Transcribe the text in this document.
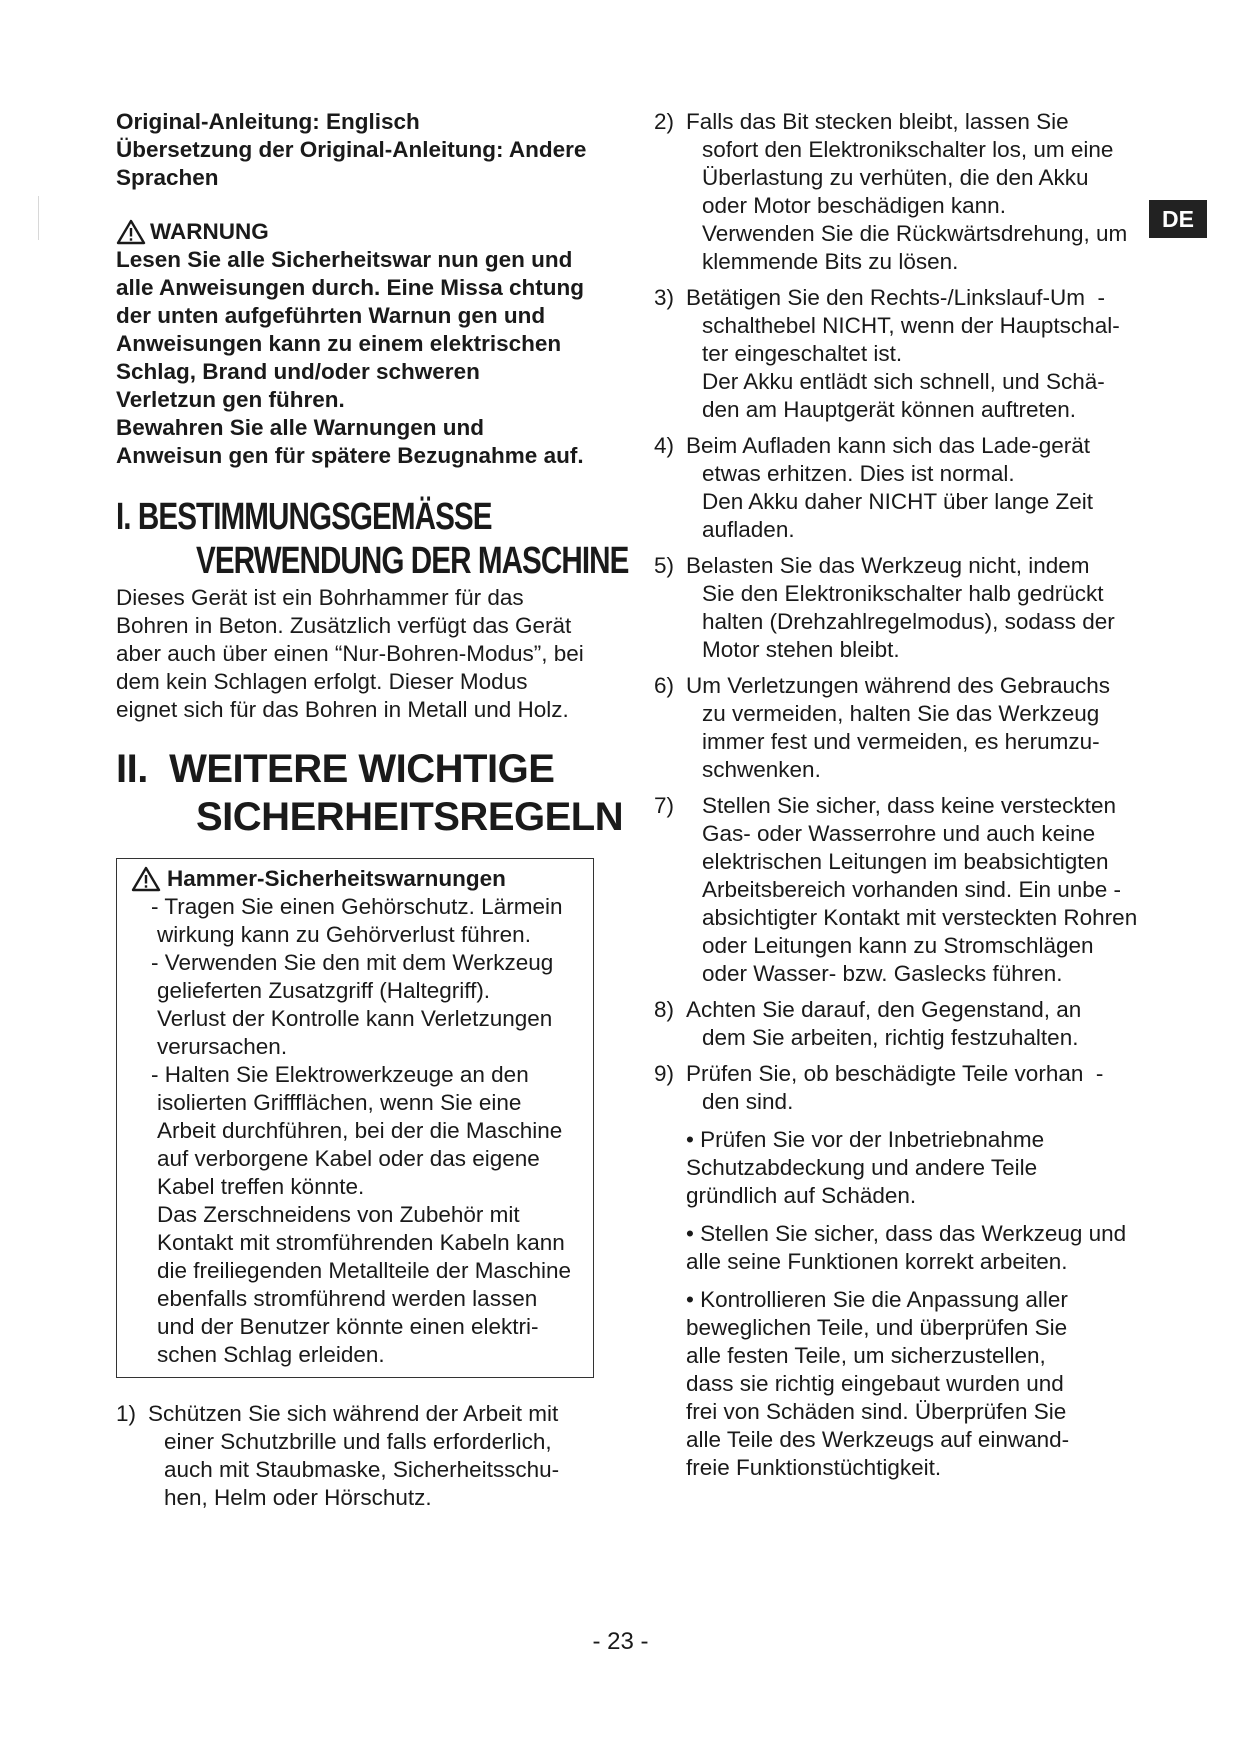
Original-Anleitung: Englisch
Übersetzung der Original-Anleitung: Andere
Sprachen
WARNUNG
Lesen Sie alle Sicherheitswar nun gen und
alle Anweisungen durch. Eine Missa chtung
der unten aufgeführten Warnun gen und
Anweisungen kann zu einem elektrischen
Schlag, Brand und/oder schweren
Verletzun gen führen.
Bewahren Sie alle Warnungen und
Anweisun gen für spätere Bezugnahme auf.
I. BESTIMMUNGSGEMÄSSE
VERWENDUNG DER MASCHINE
Dieses Gerät ist ein Bohrhammer für das
Bohren in Beton. Zusätzlich verfügt das Gerät
aber auch über einen “Nur-Bohren-Modus”, bei
dem kein Schlagen erfolgt. Dieser Modus
eignet sich für das Bohren in Metall und Holz.
II.  WEITERE WICHTIGE
SICHERHEITSREGELN
Hammer-Sicherheitswarnungen
- Tragen Sie einen Gehörschutz. Lärmein
wirkung kann zu Gehörverlust führen.
- Verwenden Sie den mit dem Werkzeug
gelieferten Zusatzgriff (Haltegriff).
Verlust der Kontrolle kann Verletzungen
verursachen.
- Halten Sie Elektrowerkzeuge an den
isolierten Griffflächen, wenn Sie eine
Arbeit durchführen, bei der die Maschine
auf verborgene Kabel oder das eigene
Kabel treffen könnte.
Das Zerschneidens von Zubehör mit
Kontakt mit stromführenden Kabeln kann
die freiliegenden Metallteile der Maschine
ebenfalls stromführend werden lassen
und der Benutzer könnte einen elektri-
schen Schlag erleiden.
1) Schützen Sie sich während der Arbeit mit
einer Schutzbrille und falls erforderlich,
auch mit Staubmaske, Sicherheitsschu-
hen, Helm oder Hörschutz.
2) Falls das Bit stecken bleibt, lassen Sie
sofort den Elektronikschalter los, um eine
Überlastung zu verhüten, die den Akku
oder Motor beschädigen kann.
Verwenden Sie die Rückwärtsdrehung, um
klemmende Bits zu lösen.
3) Betätigen Sie den Rechts-/Linkslauf-Um  -
schalthebel NICHT, wenn der Hauptschal-
ter eingeschaltet ist.
Der Akku entlädt sich schnell, und Schä-
den am Hauptgerät können auftreten.
4) Beim Aufladen kann sich das Lade-gerät
etwas erhitzen. Dies ist normal.
Den Akku daher NICHT über lange Zeit
aufladen.
5) Belasten Sie das Werkzeug nicht, indem
Sie den Elektronikschalter halb gedrückt
halten (Drehzahlregelmodus), sodass der
Motor stehen bleibt.
6) Um Verletzungen während des Gebrauchs
zu vermeiden, halten Sie das Werkzeug
immer fest und vermeiden, es herumzu-
schwenken.
7)	Stellen Sie sicher, dass keine versteckten
Gas- oder Wasserrohre und auch keine
elektrischen Leitungen im beabsichtigten
Arbeitsbereich vorhanden sind. Ein unbe -
absichtigter Kontakt mit versteckten Rohren
oder Leitungen kann zu Stromschlägen
oder Wasser- bzw. Gaslecks führen.
8) Achten Sie darauf, den Gegenstand, an
dem Sie arbeiten, richtig festzuhalten.
9) Prüfen Sie, ob beschädigte Teile vorhan  -
den sind.
• Prüfen Sie vor der Inbetriebnahme
Schutzabdeckung und andere Teile
gründlich auf Schäden.
• Stellen Sie sicher, dass das Werkzeug und
alle seine Funktionen korrekt arbeiten.
• Kontrollieren Sie die Anpassung aller
beweglichen Teile, und überprüfen Sie
alle festen Teile, um sicherzustellen,
dass sie richtig eingebaut wurden und
frei von Schäden sind. Überprüfen Sie
alle Teile des Werkzeugs auf einwand-
freie Funktionstüchtigkeit.
DE
- 23 -
